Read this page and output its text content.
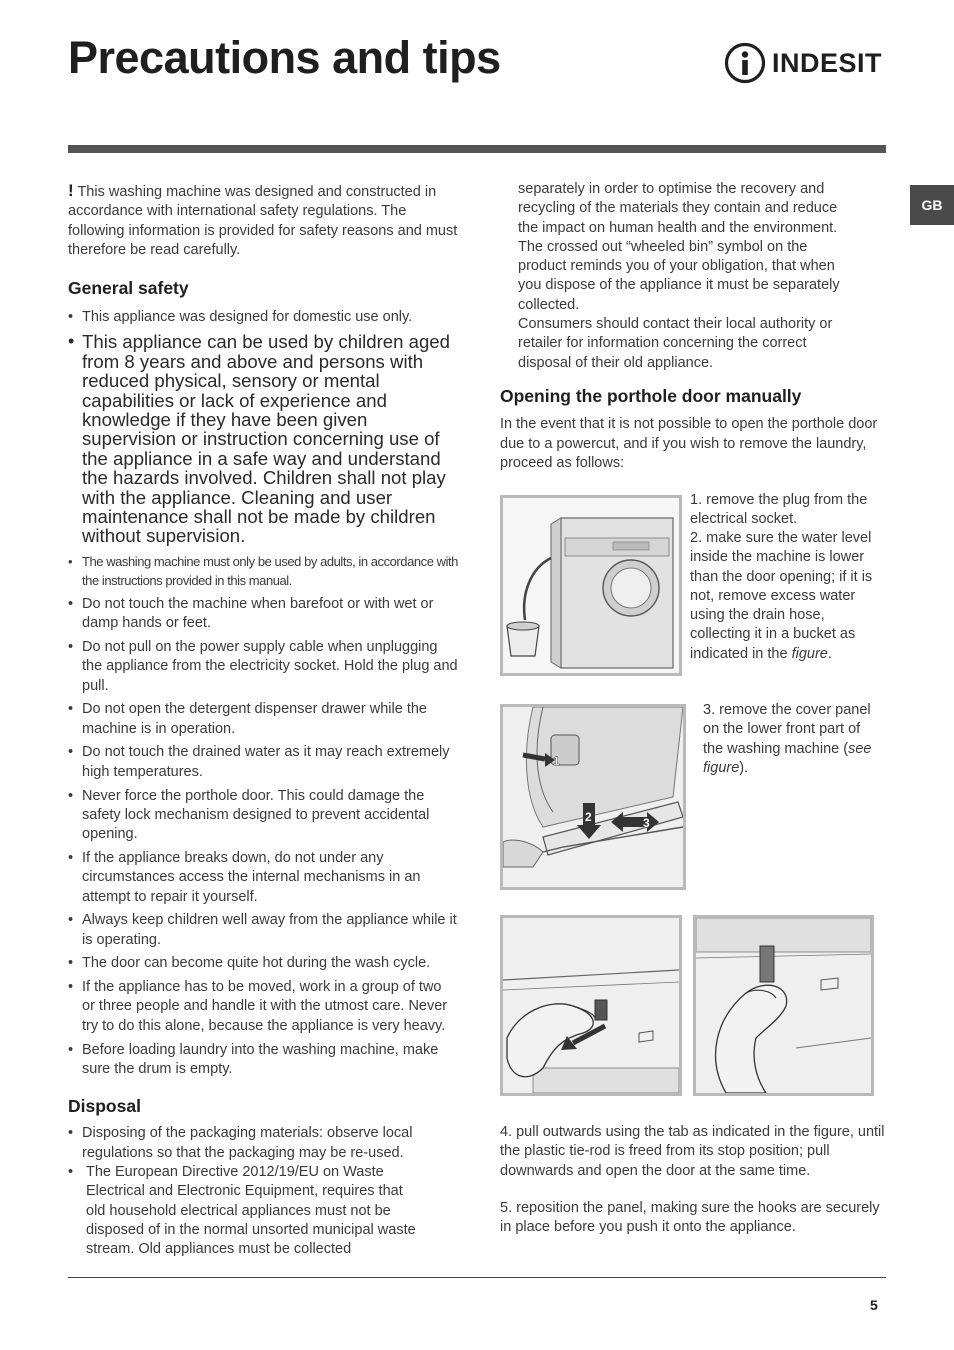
Precautions and tips	INDESIT
GB

! This washing machine was designed and constructed in accordance with international safety regulations. The following information is provided for safety reasons and must therefore be read carefully.

General safety
• This appliance was designed for domestic use only.
• This appliance can be used by children aged from 8 years and above and persons with reduced physical, sensory or mental capabilities or lack of experience and knowledge if they have been given supervision or instruction concerning use of the appliance in a safe way and understand the hazards involved. Children shall not play with the appliance. Cleaning and user maintenance shall not be made by children without supervision.
• The washing machine must only be used by adults, in accordance with the instructions provided in this manual.
• Do not touch the machine when barefoot or with wet or damp hands or feet.
• Do not pull on the power supply cable when unplugging the appliance from the electricity socket. Hold the plug and pull.
• Do not open the detergent dispenser drawer while the machine is in operation.
• Do not touch the drained water as it may reach extremely high temperatures.
• Never force the porthole door. This could damage the safety lock mechanism designed to prevent accidental opening.
• If the appliance breaks down, do not under any circumstances access the internal mechanisms in an attempt to repair it yourself.
• Always keep children well away from the appliance while it is operating.
• The door can become quite hot during the wash cycle.
• If the appliance has to be moved, work in a group of two or three people and handle it with the utmost care. Never try to do this alone, because the appliance is very heavy.
• Before loading laundry into the washing machine, make sure the drum is empty.
Disposal
• Disposing of the packaging materials: observe local regulations so that the packaging may be re-used.
• The European Directive 2012/19/EU on Waste Electrical and Electronic Equipment, requires that old household electrical appliances must not be disposed of in the normal unsorted municipal waste stream. Old appliances must be collected

separately in order to optimise the recovery and recycling of the materials they contain and reduce the impact on human health and the environment. The crossed out “wheeled bin” symbol on the product reminds you of your obligation, that when you dispose of the appliance it must be separately collected.

Consumers should contact their local authority or retailer for information concerning the correct disposal of their old appliance.

Opening the porthole door manually

In the event that it is not possible to open the porthole door due to a powercut, and if you wish to remove the laundry, proceed as follows:

1. remove the plug from the electrical socket.
2. make sure the water level inside the machine is lower than the door opening; if it is not, remove excess water using the drain hose, collecting it in a bucket as indicated in the figure.
1
2	3
3. remove the cover panel on the lower front part of the washing machine (see figure).
4. pull outwards using the tab as indicated in the figure, until the plastic tie-rod is freed from its stop position; pull downwards and open the door at the same time.
5. reposition the panel, making sure the hooks are securely in place before you push it onto the appliance.
5
